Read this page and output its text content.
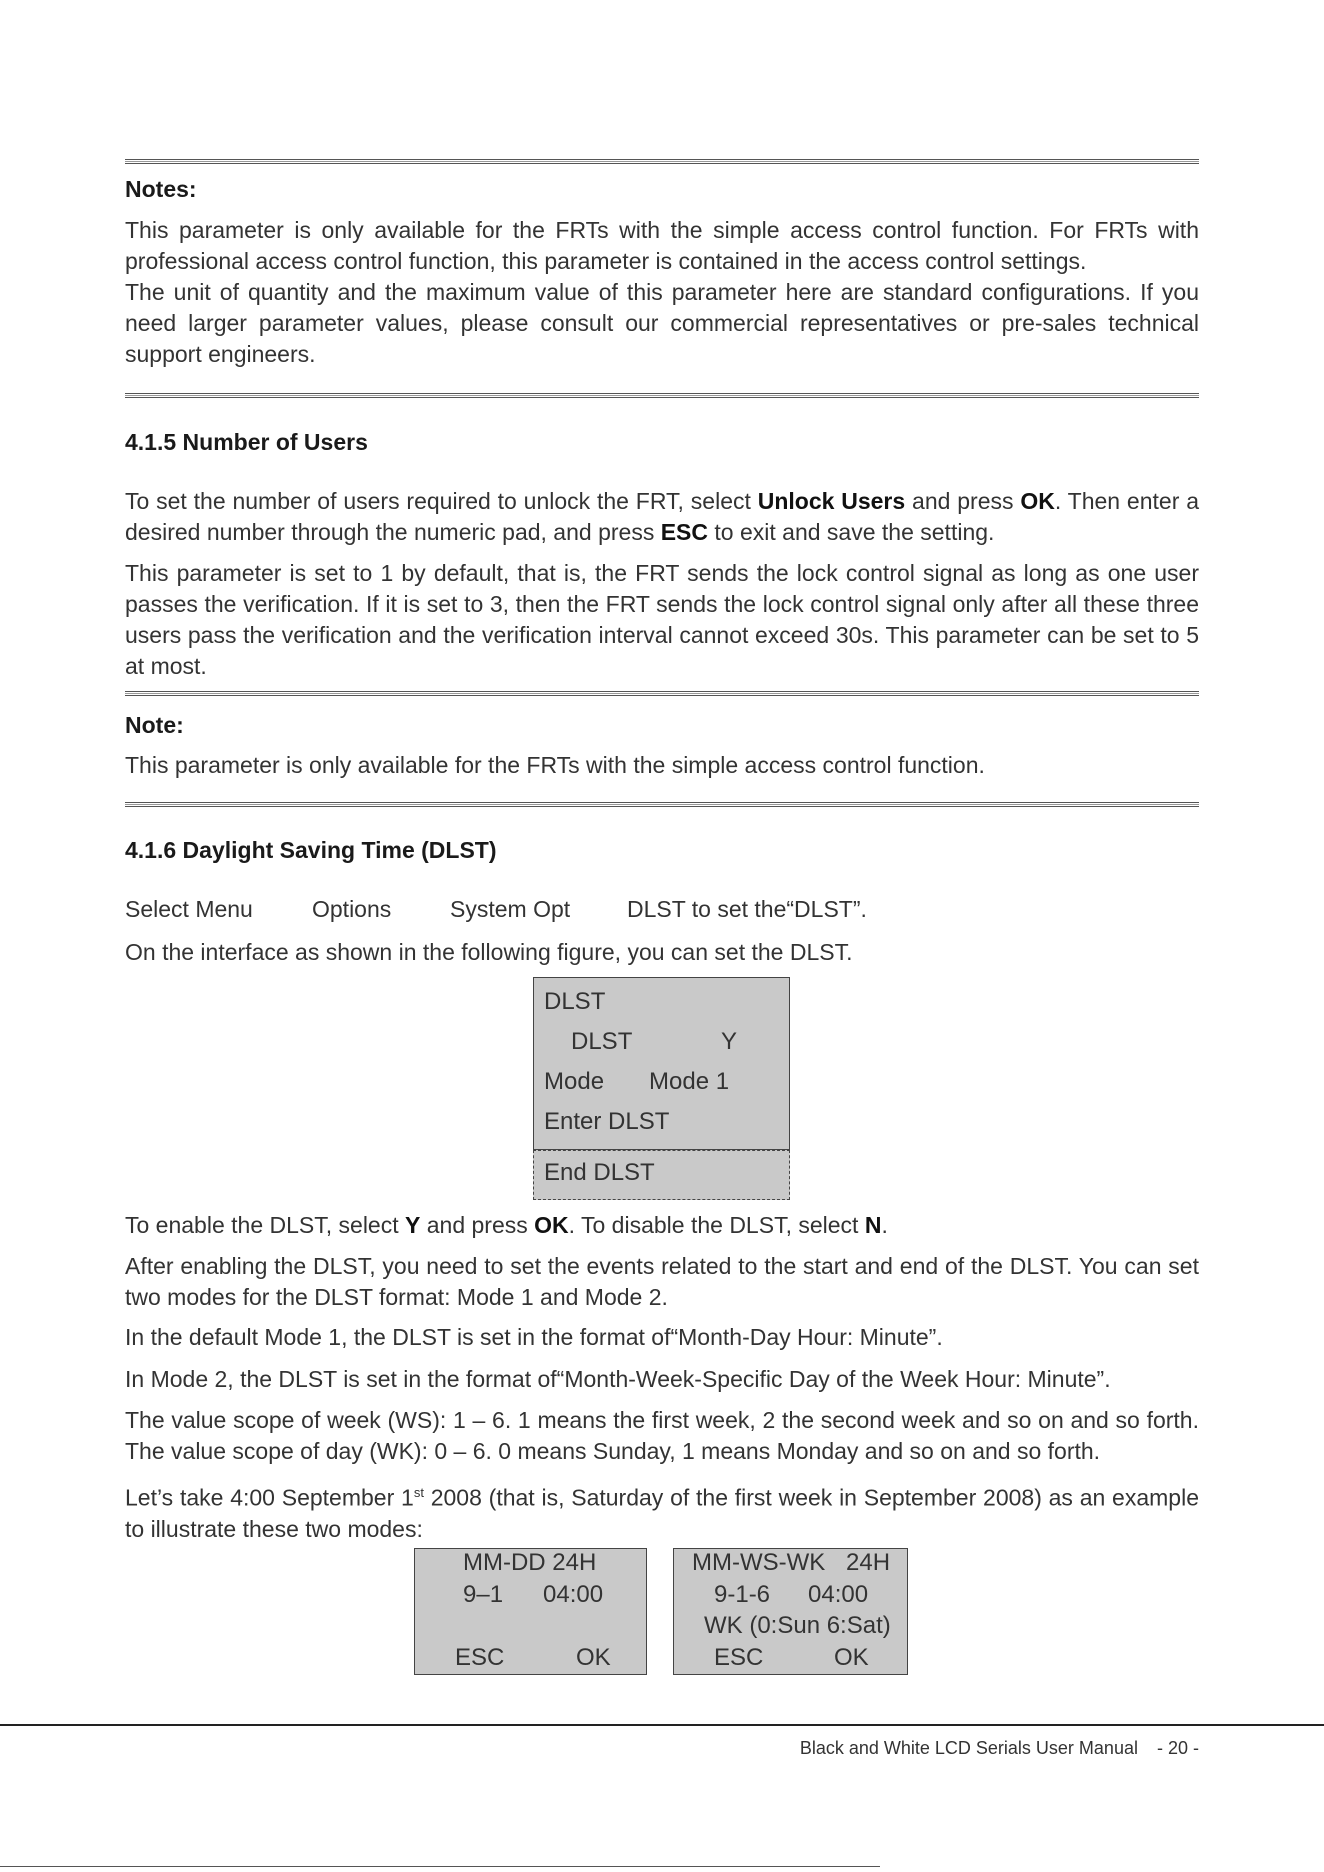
Notes:
This parameter is only available for the FRTs with the simple access control function. For FRTs with professional access control function, this parameter is contained in the access control settings.
The unit of quantity and the maximum value of this parameter here are standard configurations. If you need larger parameter values, please consult our commercial representatives or pre-sales technical support engineers.
4.1.5 Number of Users
To set the number of users required to unlock the FRT, select Unlock Users and press OK. Then enter a desired number through the numeric pad, and press ESC to exit and save the setting.
This parameter is set to 1 by default, that is, the FRT sends the lock control signal as long as one user passes the verification. If it is set to 3, then the FRT sends the lock control signal only after all these three users pass the verification and the verification interval cannot exceed 30s. This parameter can be set to 5 at most.
Note:
This parameter is only available for the FRTs with the simple access control function.
4.1.6 Daylight Saving Time (DLST)
Select Menu	Options	System Opt DLST to set the“DLST”.
On the interface as shown in the following figure, you can set the DLST.
DLST
DLST	Y
Mode Mode 1
Enter DLST
End DLST
To enable the DLST, select Y and press OK. To disable the DLST, select N.
After enabling the DLST, you need to set the events related to the start and end of the DLST. You can set two modes for the DLST format: Mode 1 and Mode 2.
In the default Mode 1, the DLST is set in the format of“Month-Day Hour: Minute”.
In Mode 2, the DLST is set in the format of“Month-Week-Specific Day of the Week Hour: Minute”.
The value scope of week (WS): 1 – 6. 1 means the first week, 2 the second week and so on and so forth. The value scope of day (WK): 0 – 6. 0 means Sunday, 1 means Monday and so on and so forth.
Let’s take 4:00 September 1st 2008 (that is, Saturday of the first week in September 2008) as an example to illustrate these two modes:
MM-DD 24H
9–1 04:00
ESC	OK
MM-WS-WK 24H
9-1-6 04:00
WK (0:Sun 6:Sat)
ESC	OK
Black and White LCD Serials User Manual - 20 -
